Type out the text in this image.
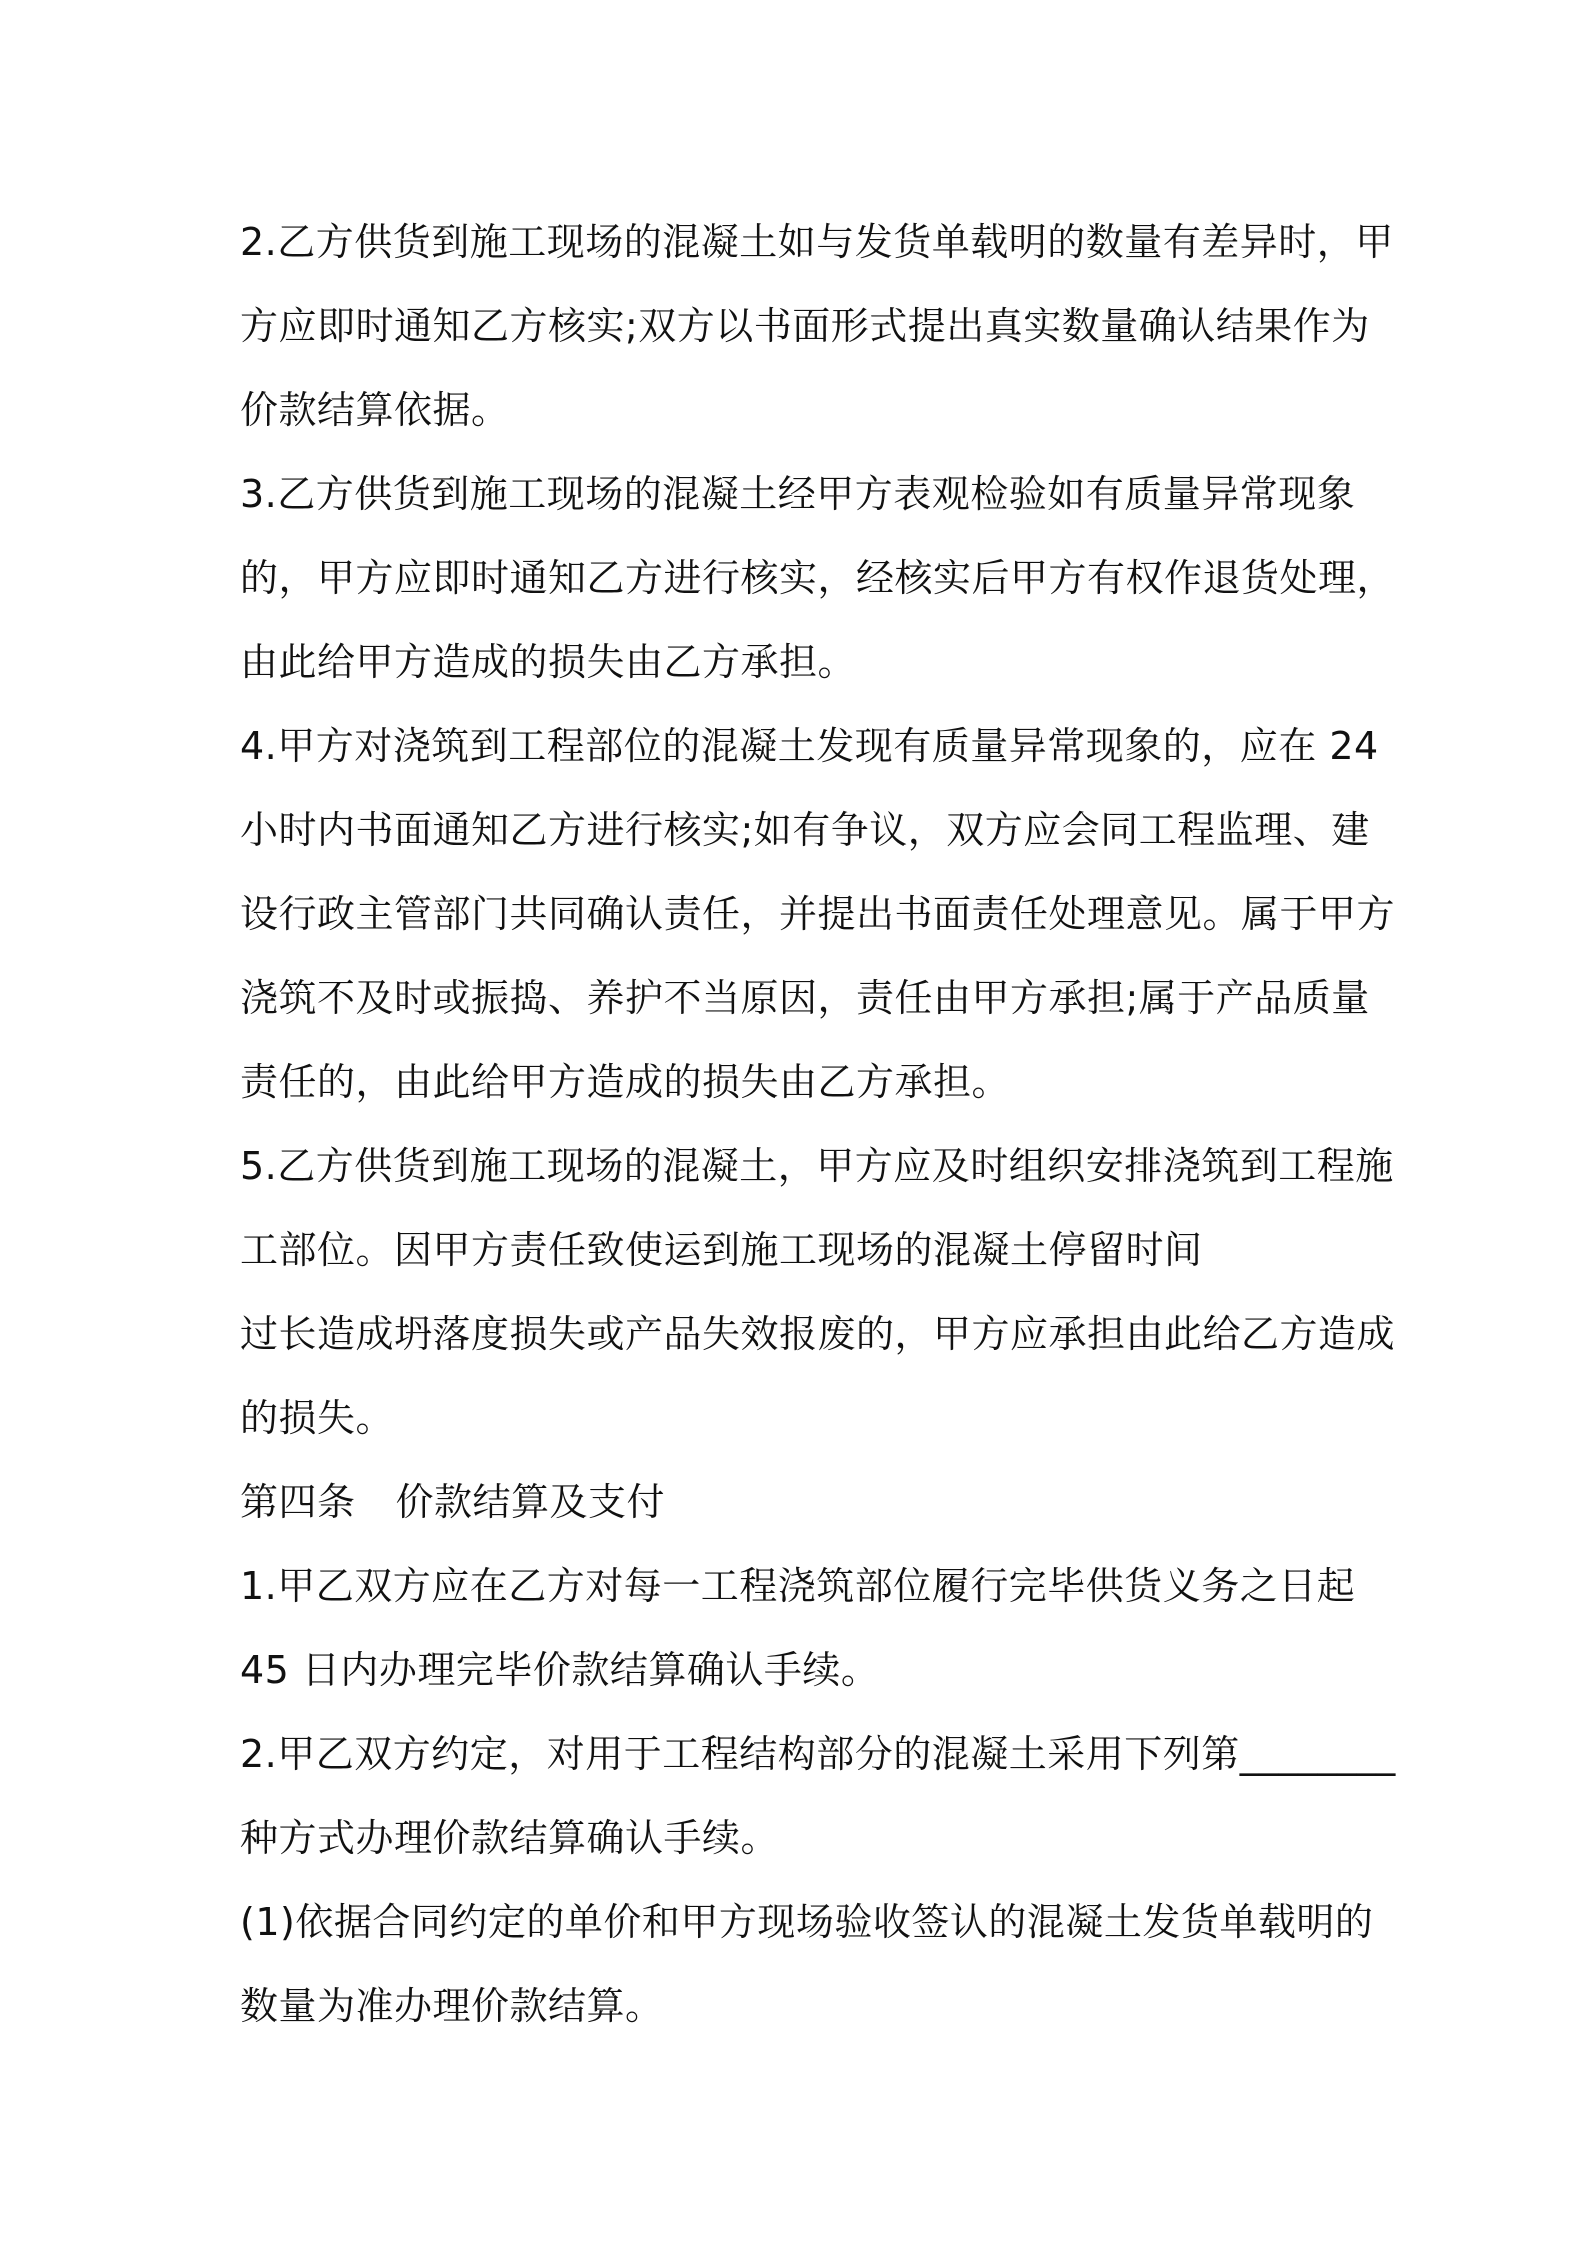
2.乙方供货到施工现场的混凝土如与发货单载明的数量有差异时，甲
方应即时通知乙方核实;双方以书面形式提出真实数量确认结果作为
价款结算依据。
3.乙方供货到施工现场的混凝土经甲方表观检验如有质量异常现象
的，甲方应即时通知乙方进行核实，经核实后甲方有权作退货处理，
由此给甲方造成的损失由乙方承担。
4.甲方对浇筑到工程部位的混凝土发现有质量异常现象的，应在 24
小时内书面通知乙方进行核实;如有争议，双方应会同工程监理、建
设行政主管部门共同确认责任，并提出书面责任处理意见。属于甲方
浇筑不及时或振捣、养护不当原因，责任由甲方承担;属于产品质量
责任的，由此给甲方造成的损失由乙方承担。
5.乙方供货到施工现场的混凝土，甲方应及时组织安排浇筑到工程施
工部位。因甲方责任致使运到施工现场的混凝土停留时间
过长造成坍落度损失或产品失效报废的，甲方应承担由此给乙方造成
的损失。
第四条 价款结算及支付
1.甲乙双方应在乙方对每一工程浇筑部位履行完毕供货义务之日起
45 日内办理完毕价款结算确认手续。
2.甲乙双方约定，对用于工程结构部分的混凝土采用下列第________
种方式办理价款结算确认手续。
(1)依据合同约定的单价和甲方现场验收签认的混凝土发货单载明的
数量为准办理价款结算。
